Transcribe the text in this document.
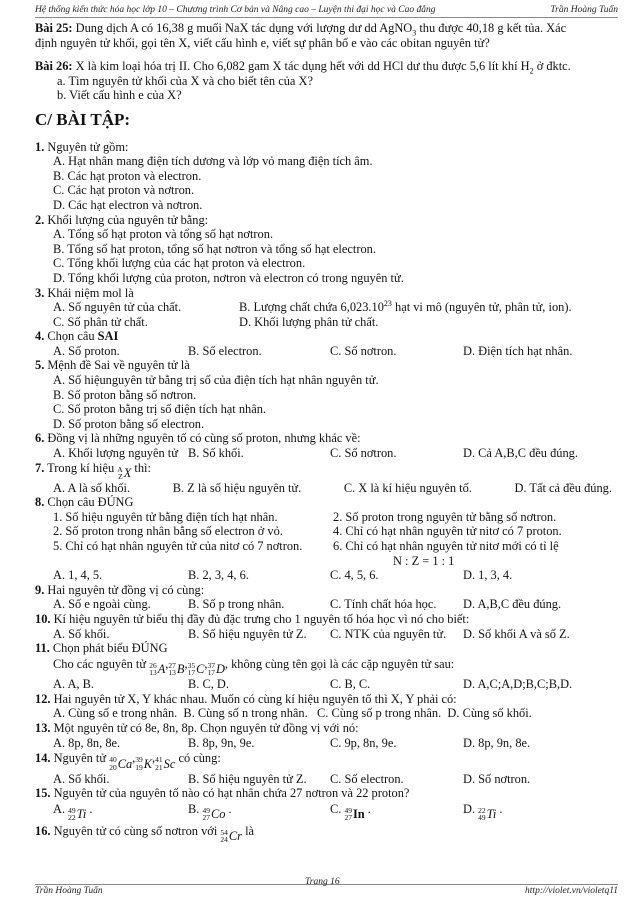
Hệ thống kiến thức hóa học lớp 10 – Chương trình Cơ bản và Nâng cao – Luyện thi đại học và Cao đẳng	Trần Hoàng Tuấn

Bài 25: Dung dịch A có 16,38 g muối NaX tác dụng với lượng dư dd AgNO$_3$ thu được 40,18 g kết tủa. Xác
định nguyên tử khối, gọi tên X, viết cấu hình e, viết sự phân bố e vào các obitan nguyên tử?

Bài 26: X là kim loại hóa trị II. Cho 6,082 gam X tác dụng hết với dd HCl dư thu được 5,6 lít khí $H_2$ ở đktc.

a. Tìm nguyên tử khối của X và cho biết tên của X?

b. Viết cấu hình e của X?

C/ BÀI TẬP:

1. Nguyên tử gồm:

A. Hạt nhân mang điện tích dương và lớp vỏ mang điện tích âm.

B. Các hạt proton và electron.

C. Các hạt proton và nơtron.

D. Các hạt electron và nơtron.

2. Khối lượng của nguyên tử bằng:

A. Tổng số hạt proton và tổng số hạt nơtron.

B. Tổng số hạt proton, tổng số hạt nơtron và tổng số hạt electron.

C. Tổng khối lượng của các hạt proton và electron.

D. Tổng khối lượng của proton, nơtron và electron có trong nguyên tử.

3. Khái niệm mol là

A. Số nguyên tử của chất.	B. Lượng chất chứa 6,023.10$^{23}$ hạt vi mô (nguyên tử, phân tử, ion).
C. Số phân tử chất.	D. Khối lượng phân tử chất.

4. Chọn câu SAI

A. Số proton.	B. Số electron.	C. Số nơtron.	D. Điện tích hạt nhân.

5. Mệnh đề Sai về nguyên tử là

A. Số hiệunguyên tử bằng trị số của điện tích hạt nhân nguyên tử.

B. Số proton bằng số nơtron.

C. Số proton bằng trị số điện tích hạt nhân.

D. Số proton bằng số electron.

6. Đồng vị là những nguyên tố có cùng số proton, nhưng khác về:

A. Khối lượng nguyên tử B. Số khối.	C. Số nơtron.	D. Cả A,B,C đều đúng.

7. Trong kí hiệu A
Z X thì:

A. A là số khối.	B. Z là số hiệu nguyên tử.	C. X là kí hiệu nguyên tố.	D. Tất cả đều đúng.

8. Chọn câu ĐÚNG

1. Số hiệu nguyên tử bằng điện tích hạt nhân.	2. Số proton trong nguyên tử bằng số nơtron.
2. Số proton trong nhân bằng số electron ở vỏ.	4. Chỉ có hạt nhân nguyên tử nitơ có 7 proton.
5. Chỉ có hạt nhân nguyên tử của nitơ có 7 nơtron.	6. Chỉ có hạt nhân nguyên tử nitơ mới có tỉ lệ

N : Z = 1 : 1

A. 1, 4, 5.	B. 2, 3, 4, 6.	C. 4, 5, 6.	D. 1, 3, 4.

9. Hai nguyên tử đồng vị có cùng:

A. Số e ngoài cùng.	B. Số p trong nhân.	C. Tính chất hóa học.	D. A,B,C đều đúng.

10. Kí hiệu nguyên tử biểu thị đầy đủ đặc trưng cho 1 nguyên tố hóa học vì nó cho biết:

A. Số khối.	B. Số hiệu nguyên tử Z.	C. NTK của nguyên tử.	D. Số khối A và số Z.

11. Chọn phát biểu ĐÚNG

Cho các nguyên tử 26
13 A , 27
13 B , 35
17 C , 37
17 D , không cùng tên gọi là các cặp nguyên tử sau:

A. A, B.	B. C, D.	C. B, C.	D. A,C;A,D;B,C;B,D.

12. Hai nguyên tử X, Y khác nhau. Muốn có cùng kí hiệu nguyên tố thì X, Y phải có:

A. Cùng số e trong nhân.  B. Cùng số n trong nhân.   C. Cùng số p trong nhân.  D. Cùng số khối.

13. Một nguyên tử có 8e, 8n, 8p. Chọn nguyên tử đồng vị với nó:

A. 8p, 8n, 8e.	B. 8p, 9n, 9e.	C. 9p, 8n, 9e.	D. 8p, 9n, 8e.

14. Nguyên tử 40
20 Ca , 39
19 K , 41
21 Sc có cùng:

A. Số khối.	B. Số hiệu nguyên tử Z.	C. Số electron.	D. Số nơtron.

15. Nguyên tử của nguyên tố nào có hạt nhân chứa 27 nơtron và 22 proton?

A. 49
22 Ti .	B. 49
27 Co .	C. 49
27 In .	D. 22
49 Ti .

16. Nguyên tử có cùng số nơtron với 54
24 Cr là

Trần Hoàng Tuấn
Trang 16
http://violet.vn/violetq11
